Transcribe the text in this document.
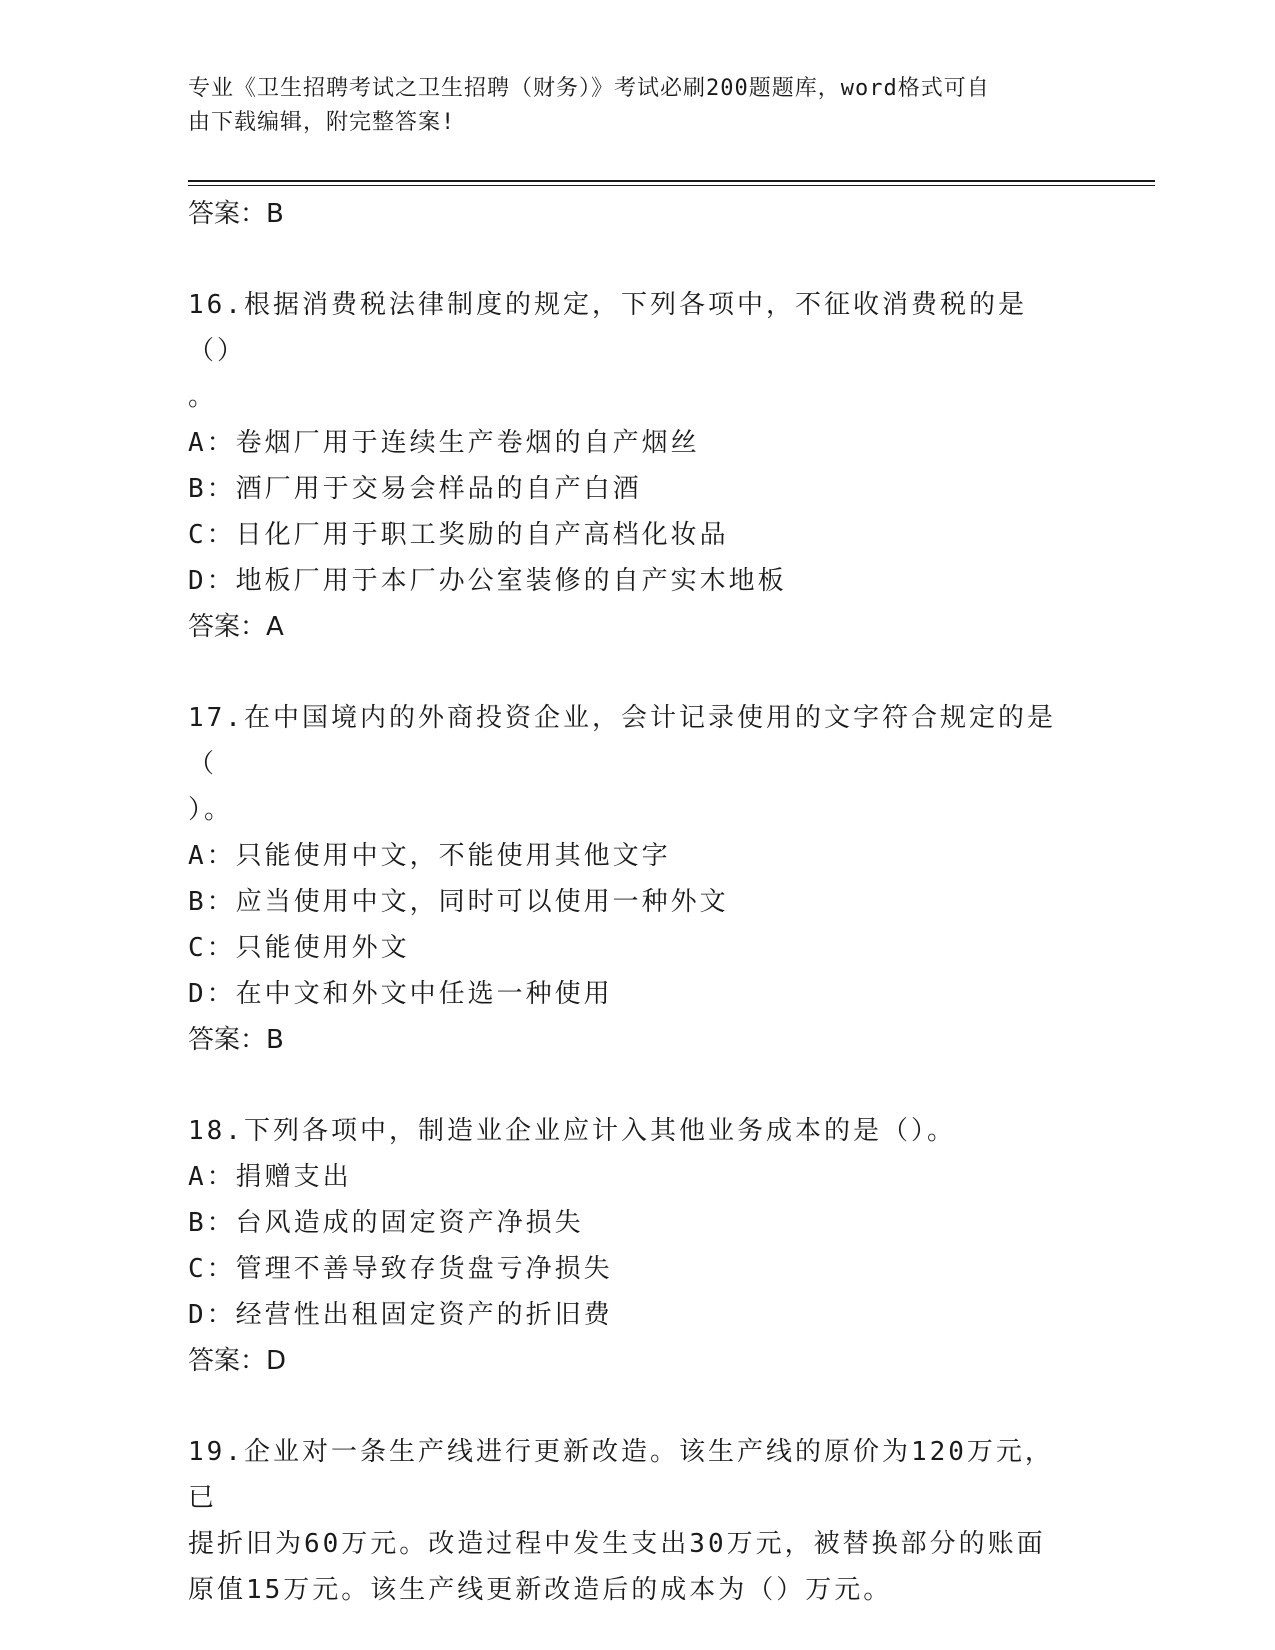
专业《卫生招聘考试之卫生招聘（财务）》考试必刷200题题库，word格式可自
由下载编辑，附完整答案!
答案：B
16.根据消费税法律制度的规定，下列各项中，不征收消费税的是（）
。
A：卷烟厂用于连续生产卷烟的自产烟丝
B：酒厂用于交易会样品的自产白酒
C：日化厂用于职工奖励的自产高档化妆品
D：地板厂用于本厂办公室装修的自产实木地板
答案：A
17.在中国境内的外商投资企业，会计记录使用的文字符合规定的是（
）。
A：只能使用中文，不能使用其他文字
B：应当使用中文，同时可以使用一种外文
C：只能使用外文
D：在中文和外文中任选一种使用
答案：B
18.下列各项中，制造业企业应计入其他业务成本的是（）。
A：捐赠支出
B：台风造成的固定资产净损失
C：管理不善导致存货盘亏净损失
D：经营性出租固定资产的折旧费
答案：D
19.企业对一条生产线进行更新改造。该生产线的原价为120万元，已
提折旧为60万元。改造过程中发生支出30万元，被替换部分的账面
原值15万元。该生产线更新改造后的成本为（）万元。
